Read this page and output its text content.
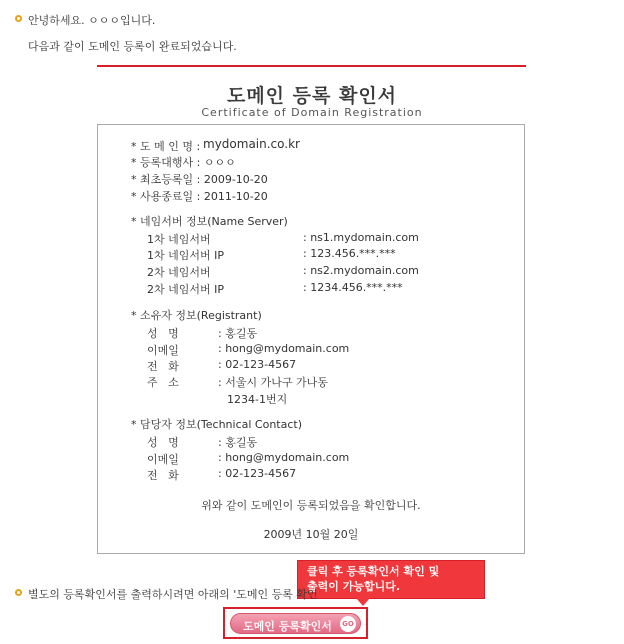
안녕하세요. ㅇㅇㅇ입니다.
다음과 같이 도메인 등록이 완료되었습니다.
도메인 등록 확인서
Certificate of Domain Registration
* 도 메 인 명 : mydomain.co.kr
* 등록대행사 : ㅇㅇㅇ
* 최초등록일 : 2009-10-20
* 사용종료일 : 2011-10-20
* 네임서버 정보(Name Server)
1차 네임서버	: ns1.mydomain.com
1차 네임서버 IP	: 123.456.***.***
2차 네임서버	: ns2.mydomain.com
2차 네임서버 IP	: 1234.456.***.***
* 소유자 정보(Registrant)
성   명	: 홍길동
이메일	: hong@mydomain.com
전   화	: 02-123-4567
주   소	: 서울시 가나구 가나동
1234-1번지
* 담당자 정보(Technical Contact)
성   명	: 홍길동
이메일	: hong@mydomain.com
전   화	: 02-123-4567
위와 같이 도메인이 등록되었음을 확인합니다.
2009년 10월 20일
클릭 후 등록확인서 확인 및
출력이 가능합니다.
별도의 등록확인서를 출력하시려면 아래의 '도메인 등록 확인
도메인 등록확인서	GO
